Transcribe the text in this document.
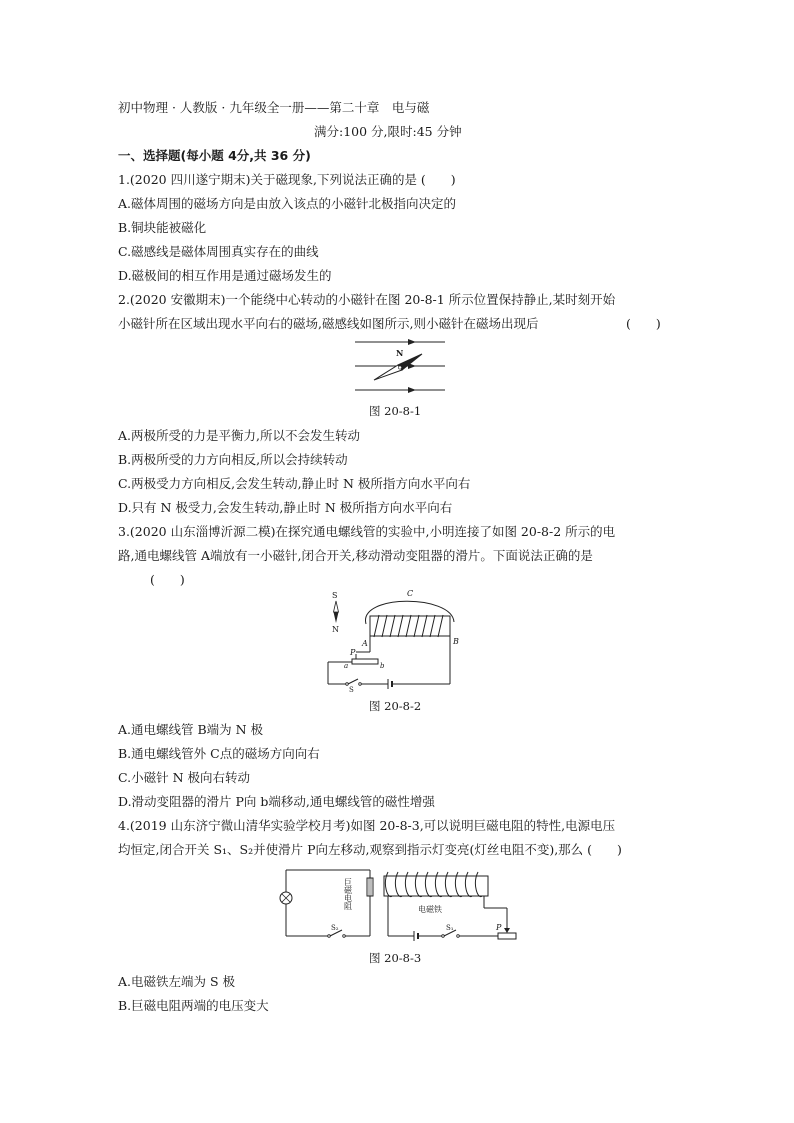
初中物理 · 人教版 · 九年级全一册——第二十章　电与磁
满分:100 分,限时:45 分钟
一、选择题(每小题 4分,共 36 分)
1.(2020 四川遂宁期末)关于磁现象,下列说法正确的是 (　　)
A.磁体周围的磁场方向是由放入该点的小磁针北极指向决定的
B.铜块能被磁化
C.磁感线是磁体周围真实存在的曲线
D.磁极间的相互作用是通过磁场发生的
2.(2020 安徽期末)一个能绕中心转动的小磁针在图 20-8-1 所示位置保持静止,某时刻开始
小磁针所在区域出现水平向右的磁场,磁感线如图所示,则小磁针在磁场出现后	(　　)
N
图 20-8-1
A.两极所受的力是平衡力,所以不会发生转动
B.两极所受的力方向相反,所以会持续转动
C.两极受力方向相反,会发生转动,静止时 N 极所指方向水平向右
D.只有 N 极受力,会发生转动,静止时 N 极所指方向水平向右
3.(2020 山东淄博沂源二模)在探究通电螺线管的实验中,小明连接了如图 20-8-2 所示的电
路,通电螺线管 A端放有一小磁针,闭合开关,移动滑动变阻器的滑片。下面说法正确的是
(　　)
S
N
C
A	B
P
a	b
S
图 20-8-2
A.通电螺线管 B端为 N 极
B.通电螺线管外 C点的磁场方向向右
C.小磁针 N 极向右转动
D.滑动变阻器的滑片 P向 b端移动,通电螺线管的磁性增强
4.(2019 山东济宁微山清华实验学校月考)如图 20-8-3,可以说明巨磁电阻的特性,电源电压
均恒定,闭合开关 S₁、S₂并使滑片 P向左移动,观察到指示灯变亮(灯丝电阻不变),那么 (　　)
S₂
巨磁电阻	电磁铁
S₁	P
图 20-8-3
A.电磁铁左端为 S 极
B.巨磁电阻两端的电压变大
